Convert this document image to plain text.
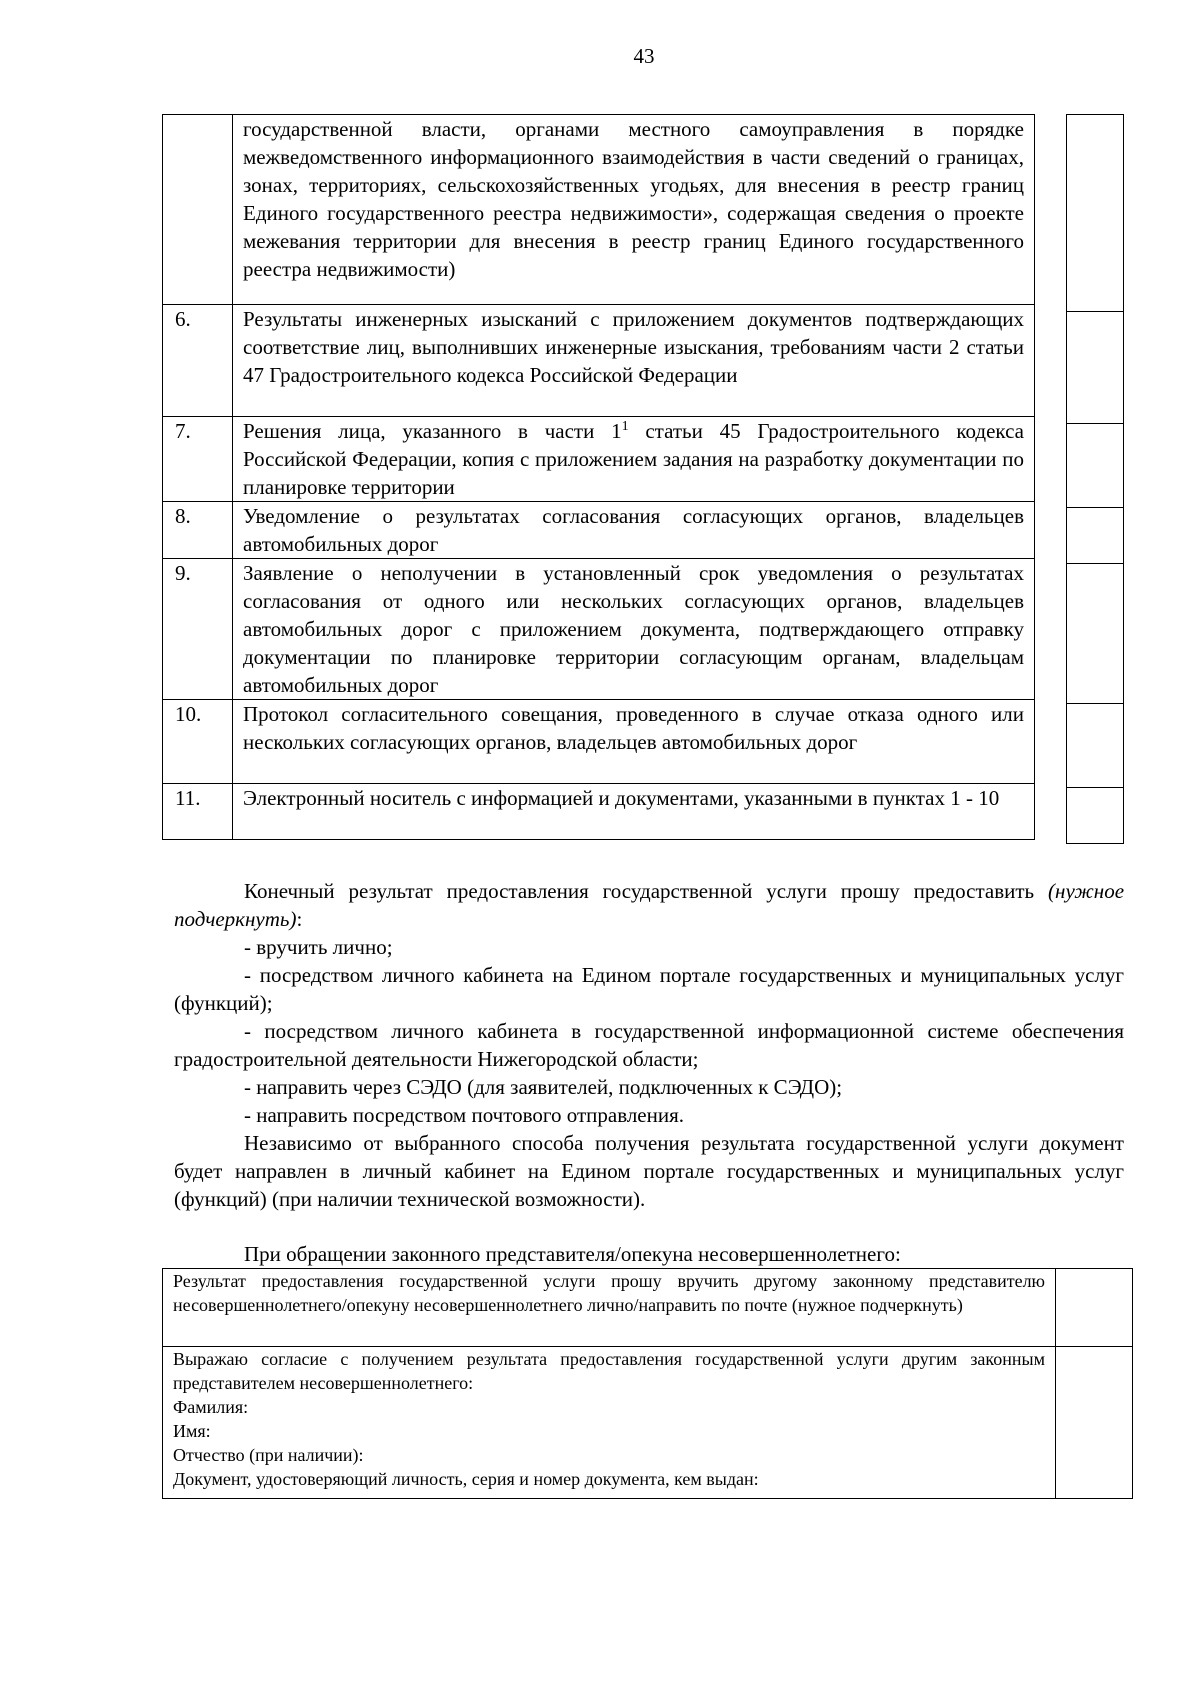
43
	государственной власти, органами местного самоуправления в порядке межведомственного информационного взаимодействия в части сведений о границах, зонах, территориях, сельскохозяйственных угодьях, для внесения в реестр границ Единого государственного реестра недвижимости», содержащая сведения о проекте межевания территории для внесения в реестр границ Единого государственного реестра недвижимости)
6.	Результаты инженерных изысканий с приложением документов подтверждающих соответствие лиц, выполнивших инженерные изыскания, требованиям части 2 статьи 47 Градостроительного кодекса Российской Федерации
7.	Решения лица, указанного в части $1^1$ статьи 45 Градостроительного кодекса Российской Федерации, копия с приложением задания на разработку документации по планировке территории
8.	Уведомление о результатах согласования согласующих органов, владельцев автомобильных дорог
9.	Заявление о неполучении в установленный срок уведомления о результатах согласования от одного или нескольких согласующих органов, владельцев автомобильных дорог с приложением документа, подтверждающего отправку документации по планировке территории согласующим органам, владельцам автомобильных дорог
10.	Протокол согласительного совещания, проведенного в случае отказа одного или нескольких согласующих органов, владельцев автомобильных дорог
11.	Электронный носитель с информацией и документами, указанными в пунктах 1 - 10

Конечный результат предоставления государственной услуги прошу предоставить (нужное подчеркнуть):

- вручить лично;

- посредством личного кабинета на Едином портале государственных и муниципальных услуг (функций);

- посредством личного кабинета в государственной информационной системе обеспечения градостроительной деятельности Нижегородской области;

- направить через СЭДО (для заявителей, подключенных к СЭДО);

- направить посредством почтового отправления.

Независимо от выбранного способа получения результата государственной услуги документ будет направлен в личный кабинет на Едином портале государственных и муниципальных услуг (функций) (при наличии технической возможности).

При обращении законного представителя/опекуна несовершеннолетнего:
Результат предоставления государственной услуги прошу вручить другому законному представителю несовершеннолетнего/опекуну несовершеннолетнего лично/направить по почте (нужное подчеркнуть)	

Выражаю согласие с получением результата предоставления государственной услуги другим законным представителем несовершеннолетнего:
Фамилия:
Имя:
Отчество (при наличии):
Документ, удостоверяющий личность, серия и номер документа, кем выдан:	
